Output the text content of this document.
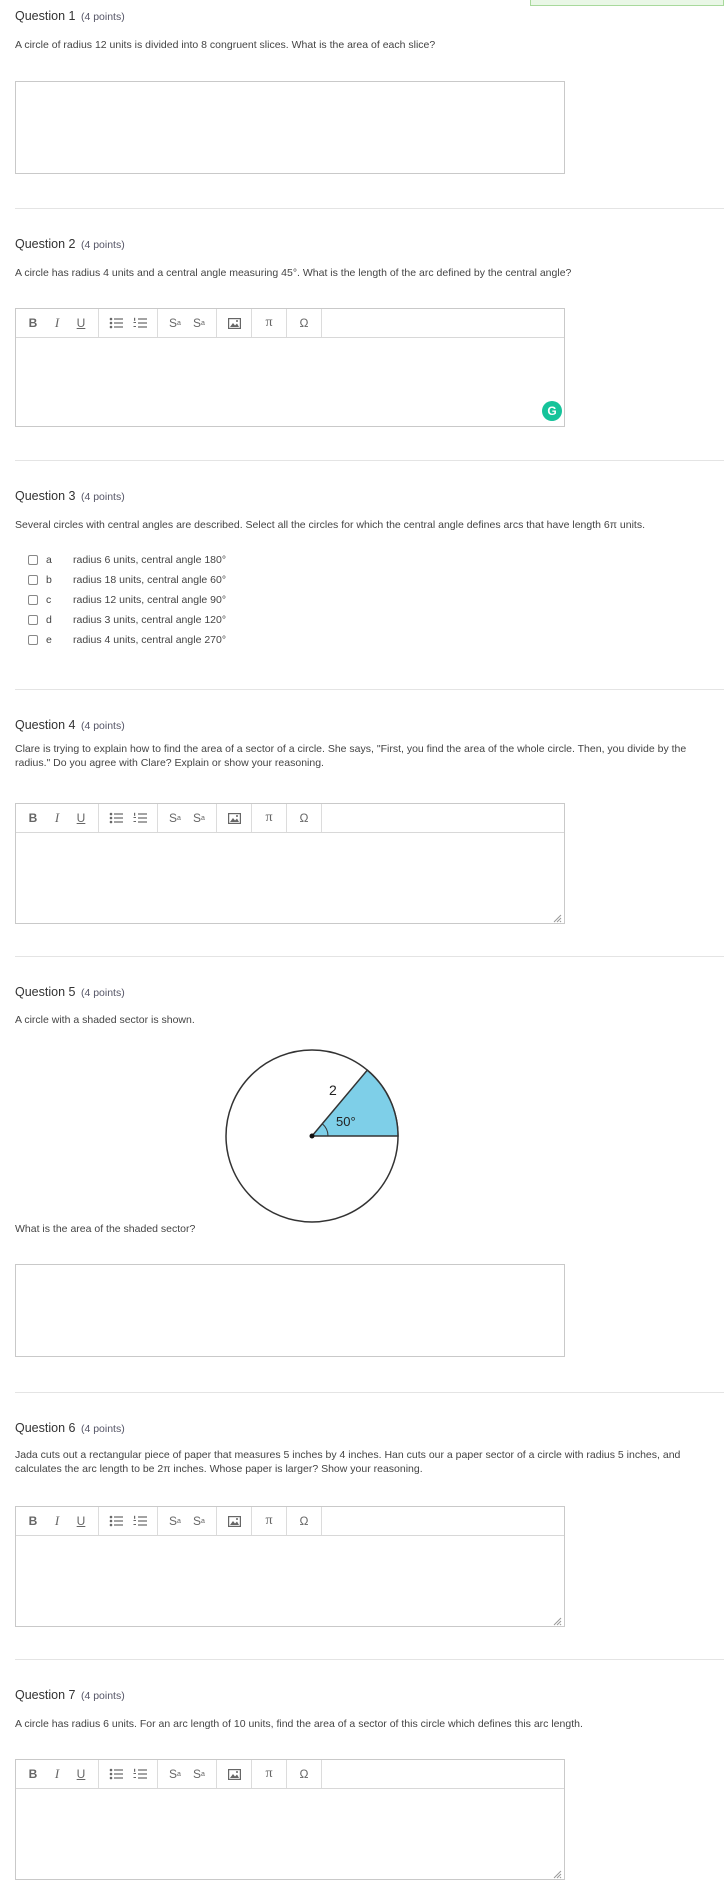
Question 1 (4 points)
A circle of radius 12 units is divided into 8 congruent slices. What is the area of each slice?
Question 2 (4 points)
A circle has radius 4 units and a central angle measuring 45°. What is the length of the arc defined by the central angle?
B	I	U	S a S a	π	Ω
G
Question 3 (4 points)
Several circles with central angles are described. Select all the circles for which the central angle defines arcs that have length 6π units.
a	radius 6 units, central angle 180°
b	radius 18 units, central angle 60°
c	radius 12 units, central angle 90°
d	radius 3 units, central angle 120°
e	radius 4 units, central angle 270°
Question 4 (4 points)
Clare is trying to explain how to find the area of a sector of a circle. She says, "First, you find the area of the whole circle. Then, you divide by the
radius." Do you agree with Clare? Explain or show your reasoning.
B	I	U	S a S a	π	Ω
Question 5 (4 points)
A circle with a shaded sector is shown.
2
50°
What is the area of the shaded sector?
Question 6 (4 points)
Jada cuts out a rectangular piece of paper that measures 5 inches by 4 inches. Han cuts our a paper sector of a circle with radius 5 inches, and
calculates the arc length to be 2π inches. Whose paper is larger? Show your reasoning.
B	I	U	S a S a	π	Ω
Question 7 (4 points)
A circle has radius 6 units. For an arc length of 10 units, find the area of a sector of this circle which defines this arc length.
B	I	U	S a S a	π	Ω
